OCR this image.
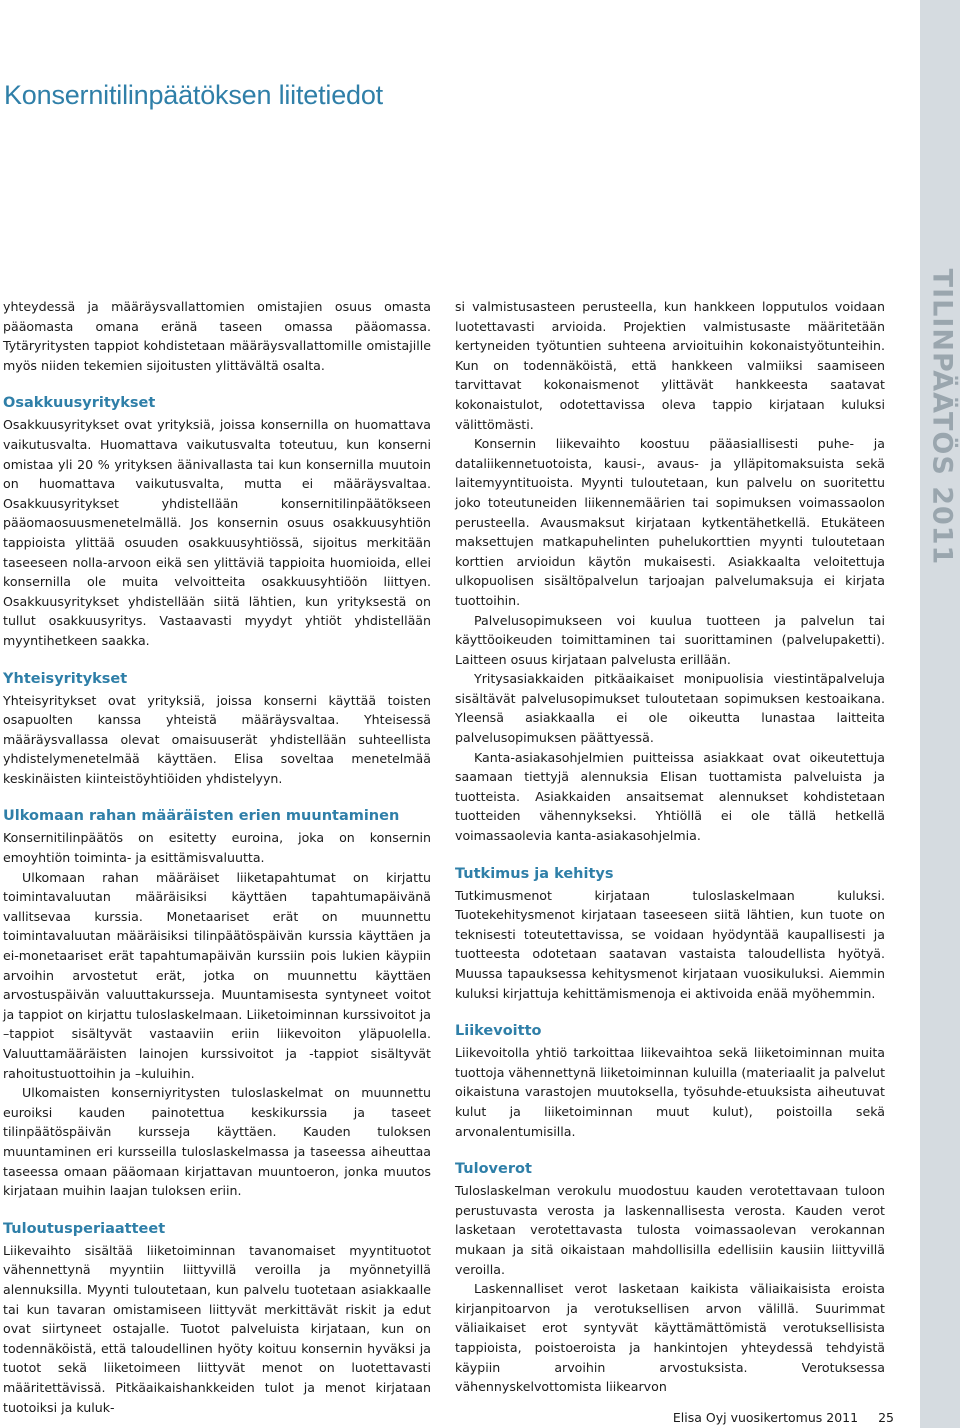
TILINPÄÄTÖS 2011
Konsernitilinpäätöksen liitetiedot

yhteydessä ja määräysvallattomien omistajien osuus omasta pääomasta omana eränä taseen omassa pääomassa. Tytäryritysten tappiot kohdistetaan määräysvallattomille omistajille myös niiden tekemien sijoitusten ylittävältä osalta.

Osakkuusyritykset

Osakkuusyritykset ovat yrityksiä, joissa konsernilla on huomattava vaikutusvalta. Huomattava vaikutusvalta toteutuu, kun konserni omistaa yli 20 % yrityksen äänivallasta tai kun konsernilla muutoin on huomattava vaikutusvalta, mutta ei määräysvaltaa. Osakkuusyritykset yhdistellään konsernitilinpäätökseen pääomaosuusmenetelmällä. Jos konsernin osuus osakkuusyhtiön tappioista ylittää osuuden osakkuusyhtiössä, sijoitus merkitään taseeseen nolla-arvoon eikä sen ylittäviä tappioita huomioida, ellei konsernilla ole muita velvoitteita osakkuusyhtiöön liittyen. Osakkuusyritykset yhdistellään siitä lähtien, kun yrityksestä on tullut osakkuusyritys. Vastaavasti myydyt yhtiöt yhdistellään myyntihetkeen saakka.

Yhteisyritykset

Yhteisyritykset ovat yrityksiä, joissa konserni käyttää toisten osapuolten kanssa yhteistä määräysvaltaa. Yhteisessä määräysvallassa olevat omaisuuserät yhdistellään suhteellista yhdistelymenetelmää käyttäen. Elisa soveltaa menetelmää keskinäisten kiinteistöyhtiöiden yhdistelyyn.

Ulkomaan rahan määräisten erien muuntaminen

Konsernitilinpäätös on esitetty euroina, joka on konsernin emoyhtiön toiminta- ja esittämisvaluutta.

Ulkomaan rahan määräiset liiketapahtumat on kirjattu toimintavaluutan määräisiksi käyttäen tapahtumapäivänä vallitsevaa kurssia. Monetaariset erät on muunnettu toimintavaluutan määräisiksi tilinpäätöspäivän kurssia käyttäen ja ei-monetaariset erät tapahtumapäivän kurssiin pois lukien käypiin arvoihin arvostetut erät, jotka on muunnettu käyttäen arvostuspäivän valuuttakursseja. Muuntamisesta syntyneet voitot ja tappiot on kirjattu tuloslaskelmaan. Liiketoiminnan kurssivoitot ja –tappiot sisältyvät vastaaviin eriin liikevoiton yläpuolella. Valuuttamääräisten lainojen kurssivoitot ja -tappiot sisältyvät rahoitustuottoihin ja –kuluihin.

Ulkomaisten konserniyritysten tuloslaskelmat on muunnettu euroiksi kauden painotettua keskikurssia ja taseet tilinpäätöspäivän kursseja käyttäen. Kauden tuloksen muuntaminen eri kursseilla tuloslaskelmassa ja taseessa aiheuttaa taseessa omaan pääomaan kirjattavan muuntoeron, jonka muutos kirjataan muihin laajan tuloksen eriin.

Tuloutusperiaatteet

Liikevaihto sisältää liiketoiminnan tavanomaiset myyntituotot vähennettynä myyntiin liittyvillä veroilla ja myönnetyillä alennuksilla. Myynti tuloutetaan, kun palvelu tuotetaan asiakkaalle tai kun tavaran omistamiseen liittyvät merkittävät riskit ja edut ovat siirtyneet ostajalle. Tuotot palveluista kirjataan, kun on todennäköistä, että taloudellinen hyöty koituu konsernin hyväksi ja tuotot sekä liiketoimeen liittyvät menot on luotettavasti määritettävissä. Pitkäaikaishankkeiden tulot ja menot kirjataan tuotoiksi ja kuluk-

si valmistusasteen perusteella, kun hankkeen lopputulos voidaan luotettavasti arvioida. Projektien valmistusaste määritetään kertyneiden työtuntien suhteena arvioituihin kokonaistyötunteihin. Kun on todennäköistä, että hankkeen valmiiksi saamiseen tarvittavat kokonaismenot ylittävät hankkeesta saatavat kokonaistulot, odotettavissa oleva tappio kirjataan kuluksi välittömästi.

Konsernin liikevaihto koostuu pääasiallisesti puhe- ja dataliikennetuotoista, kausi-, avaus- ja ylläpitomaksuista sekä laitemyyntituoista. Myynti tuloutetaan, kun palvelu on suoritettu joko toteutuneiden liikennemäärien tai sopimuksen voimassaolon perusteella. Avausmaksut kirjataan kytkentähetkellä. Etukäteen maksettujen matkapuhelinten puhelukorttien myynti tuloutetaan korttien arvioidun käytön mukaisesti. Asiakkaalta veloitettuja ulkopuolisen sisältöpalvelun tarjoajan palvelumaksuja ei kirjata tuottoihin.

Palvelusopimukseen voi kuulua tuotteen ja palvelun tai käyttöoikeuden toimittaminen tai suorittaminen (palvelupaketti). Laitteen osuus kirjataan palvelusta erillään.

Yritysasiakkaiden pitkäaikaiset monipuolisia viestintäpalveluja sisältävät palvelusopimukset tuloutetaan sopimuksen kestoaikana. Yleensä asiakkaalla ei ole oikeutta lunastaa laitteita palvelusopimuksen päättyessä.

Kanta-asiakasohjelmien puitteissa asiakkaat ovat oikeutettuja saamaan tiettyjä alennuksia Elisan tuottamista palveluista ja tuotteista. Asiakkaiden ansaitsemat alennukset kohdistetaan tuotteiden vähennykseksi. Yhtiöllä ei ole tällä hetkellä voimassaolevia kanta-asiakasohjelmia.

Tutkimus ja kehitys

Tutkimusmenot kirjataan tuloslaskelmaan kuluksi. Tuotekehitysmenot kirjataan taseeseen siitä lähtien, kun tuote on teknisesti toteutettavissa, se voidaan hyödyntää kaupallisesti ja tuotteesta odotetaan saatavan vastaista taloudellista hyötyä. Muussa tapauksessa kehitysmenot kirjataan vuosikuluksi. Aiemmin kuluksi kirjattuja kehittämismenoja ei aktivoida enää myöhemmin.

Liikevoitto

Liikevoitolla yhtiö tarkoittaa liikevaihtoa sekä liiketoiminnan muita tuottoja vähennettynä liiketoiminnan kuluilla (materiaalit ja palvelut oikaistuna varastojen muutoksella, työsuhde-etuuksista aiheutuvat kulut ja liiketoiminnan muut kulut), poistoilla sekä arvonalentumisilla.

Tuloverot

Tuloslaskelman verokulu muodostuu kauden verotettavaan tuloon perustuvasta verosta ja laskennallisesta verosta. Kauden verot lasketaan verotettavasta tulosta voimassaolevan verokannan mukaan ja sitä oikaistaan mahdollisilla edellisiin kausiin liittyvillä veroilla.

Laskennalliset verot lasketaan kaikista väliaikaisista eroista kirjanpitoarvon ja verotuksellisen arvon välillä. Suurimmat väliaikaiset erot syntyvät käyttämättömistä verotuksellisista tappioista, poistoeroista ja hankintojen yhteydessä tehdyistä käypiin arvoihin arvostuksista. Verotuksessa vähennyskelvottomista liikearvon

Elisa Oyj vuosikertomus 2011 25
